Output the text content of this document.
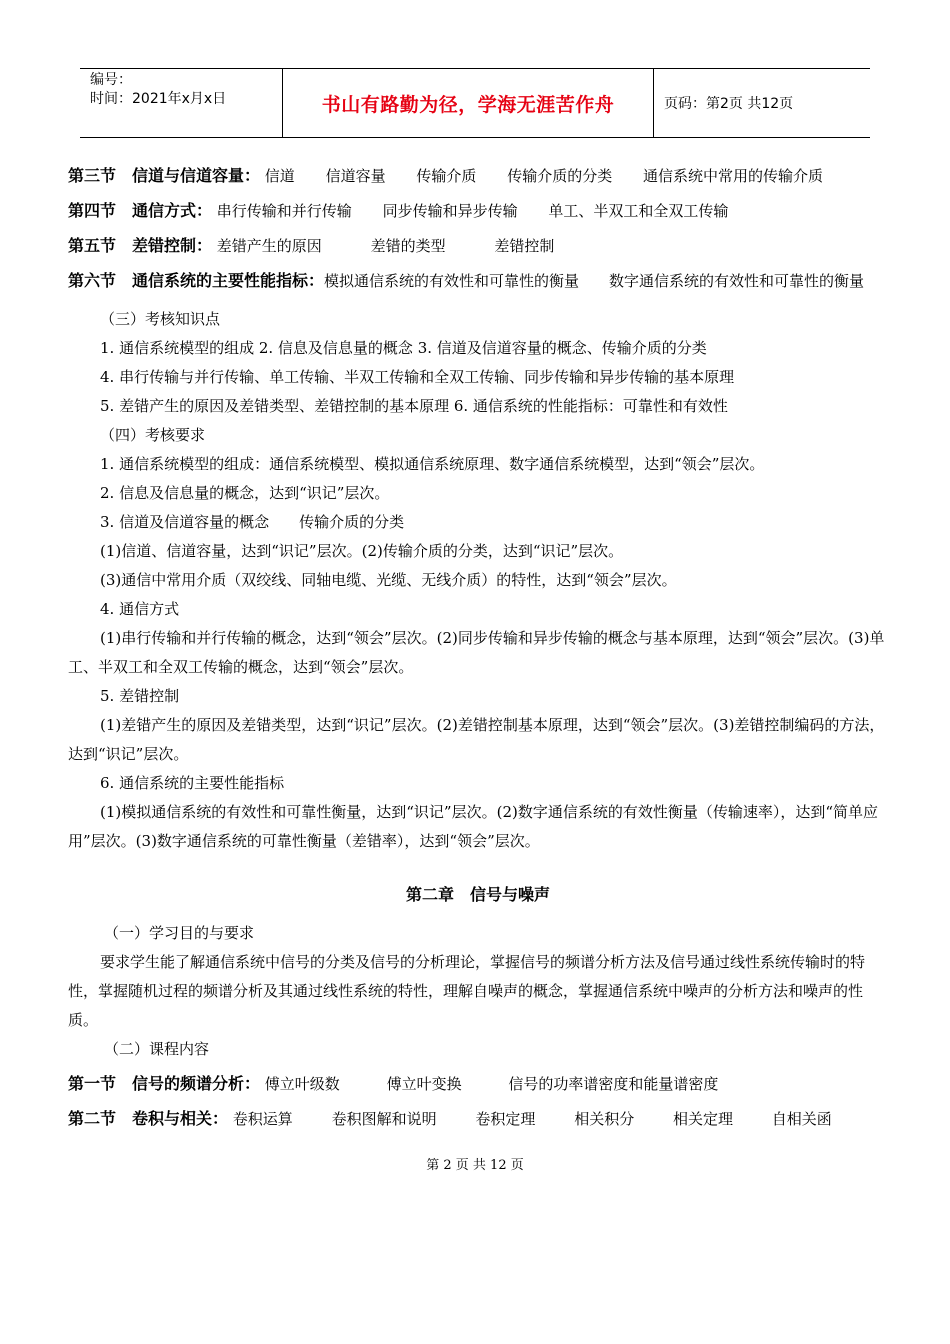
编号：
时间：2021年x月x日	书山有路勤为径，学海无涯苦作舟	页码：第2页 共12页
第三节　信道与信道容量： 信道 信道容量 传输介质 传输介质的分类 通信系统中常用的传输介质
第四节　通信方式： 串行传输和并行传输 同步传输和异步传输 单工、半双工和全双工传输
第五节　差错控制： 差错产生的原因	差错的类型	差错控制
第六节　通信系统的主要性能指标：模拟通信系统的有效性和可靠性的衡量 数字通信系统的有效性和可靠性的衡量

（三）考核知识点

1. 通信系统模型的组成 2. 信息及信息量的概念 3. 信道及信道容量的概念、传输介质的分类

4. 串行传输与并行传输、单工传输、半双工传输和全双工传输、同步传输和异步传输的基本原理

5. 差错产生的原因及差错类型、差错控制的基本原理 6. 通信系统的性能指标：可靠性和有效性

（四）考核要求

1. 通信系统模型的组成：通信系统模型、模拟通信系统原理、数字通信系统模型，达到“领会”层次。

2. 信息及信息量的概念，达到“识记”层次。

3. 信道及信道容量的概念　　传输介质的分类

(1)信道、信道容量，达到“识记”层次。(2)传输介质的分类，达到“识记”层次。

(3)通信中常用介质（双绞线、同轴电缆、光缆、无线介质）的特性，达到“领会”层次。

4. 通信方式

(1)串行传输和并行传输的概念，达到“领会”层次。(2)同步传输和异步传输的概念与基本原理，达到“领会”层次。(3)单工、半双工和全双工传输的概念，达到“领会”层次。

5. 差错控制

(1)差错产生的原因及差错类型，达到“识记”层次。(2)差错控制基本原理，达到“领会”层次。(3)差错控制编码的方法，达到“识记”层次。

6. 通信系统的主要性能指标

(1)模拟通信系统的有效性和可靠性衡量，达到“识记”层次。(2)数字通信系统的有效性衡量（传输速率），达到“简单应用”层次。(3)数字通信系统的可靠性衡量（差错率），达到“领会”层次。

第二章　信号与噪声

（一）学习目的与要求

要求学生能了解通信系统中信号的分类及信号的分析理论，掌握信号的频谱分析方法及信号通过线性系统传输时的特性，掌握随机过程的频谱分析及其通过线性系统的特性，理解自噪声的概念，掌握通信系统中噪声的分析方法和噪声的性质。

（二）课程内容

第一节　信号的频谱分析： 傅立叶级数	傅立叶变换	信号的功率谱密度和能量谱密度
第二节　卷积与相关： 卷积运算	卷积图解和说明	卷积定理	相关积分	相关定理	自相关函
第 2 页 共 12 页
